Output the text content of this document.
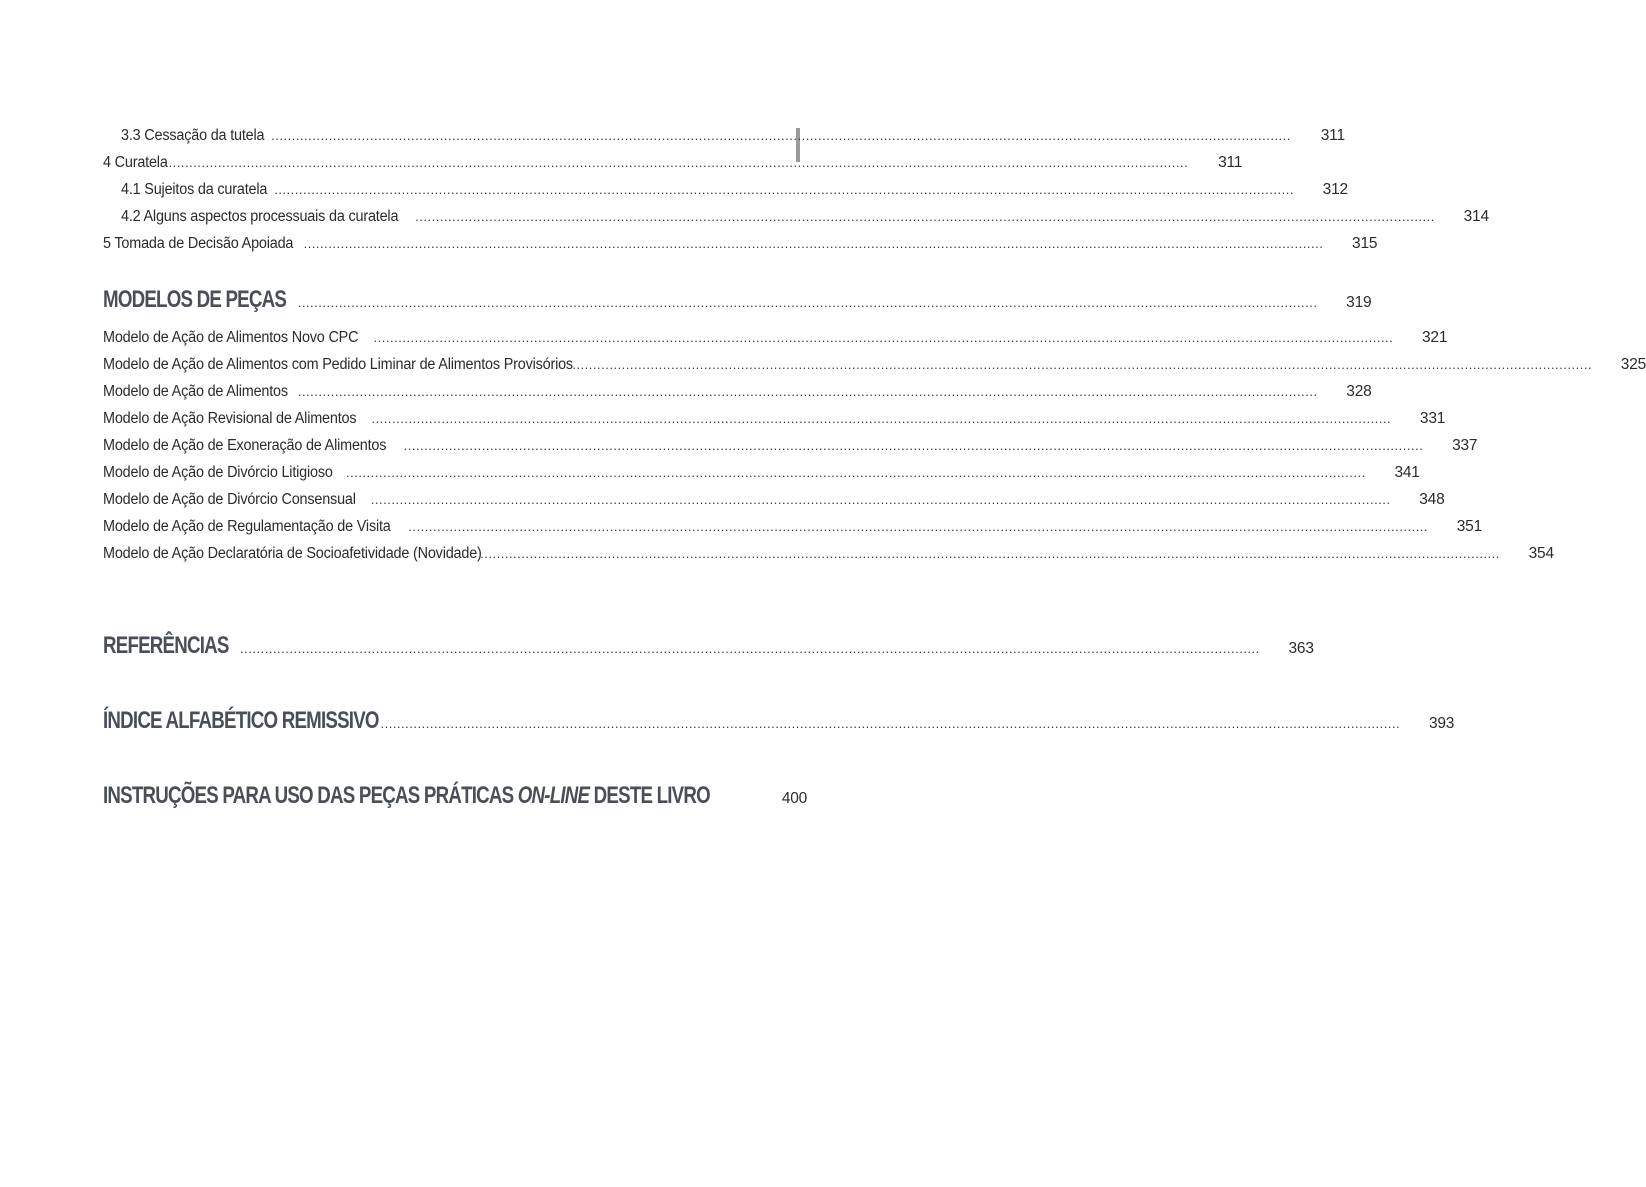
3.3 Cessação da tutela .....	311
4 Curatela .....	311
4.1 Sujeitos da curatela .....	312
4.2 Alguns aspectos processuais da curatela .....	314
5 Tomada de Decisão Apoiada .....	315
MODELOS DE PEÇAS .....	319
Modelo de Ação de Alimentos Novo CPC .....	321
Modelo de Ação de Alimentos com Pedido Liminar de Alimentos Provisórios .....	325
Modelo de Ação de Alimentos .....	328
Modelo de Ação Revisional de Alimentos .....	331
Modelo de Ação de Exoneração de Alimentos .....	337
Modelo de Ação de Divórcio Litigioso .....	341
Modelo de Ação de Divórcio Consensual .....	348
Modelo de Ação de Regulamentação de Visita .....	351
Modelo de Ação Declaratória de Socioafetividade (Novidade) .....	354
REFERÊNCIAS .....	363
ÍNDICE ALFABÉTICO REMISSIVO .....	393
INSTRUÇÕES PARA USO DAS PEÇAS PRÁTICAS ON-LINE DESTE LIVRO	400
